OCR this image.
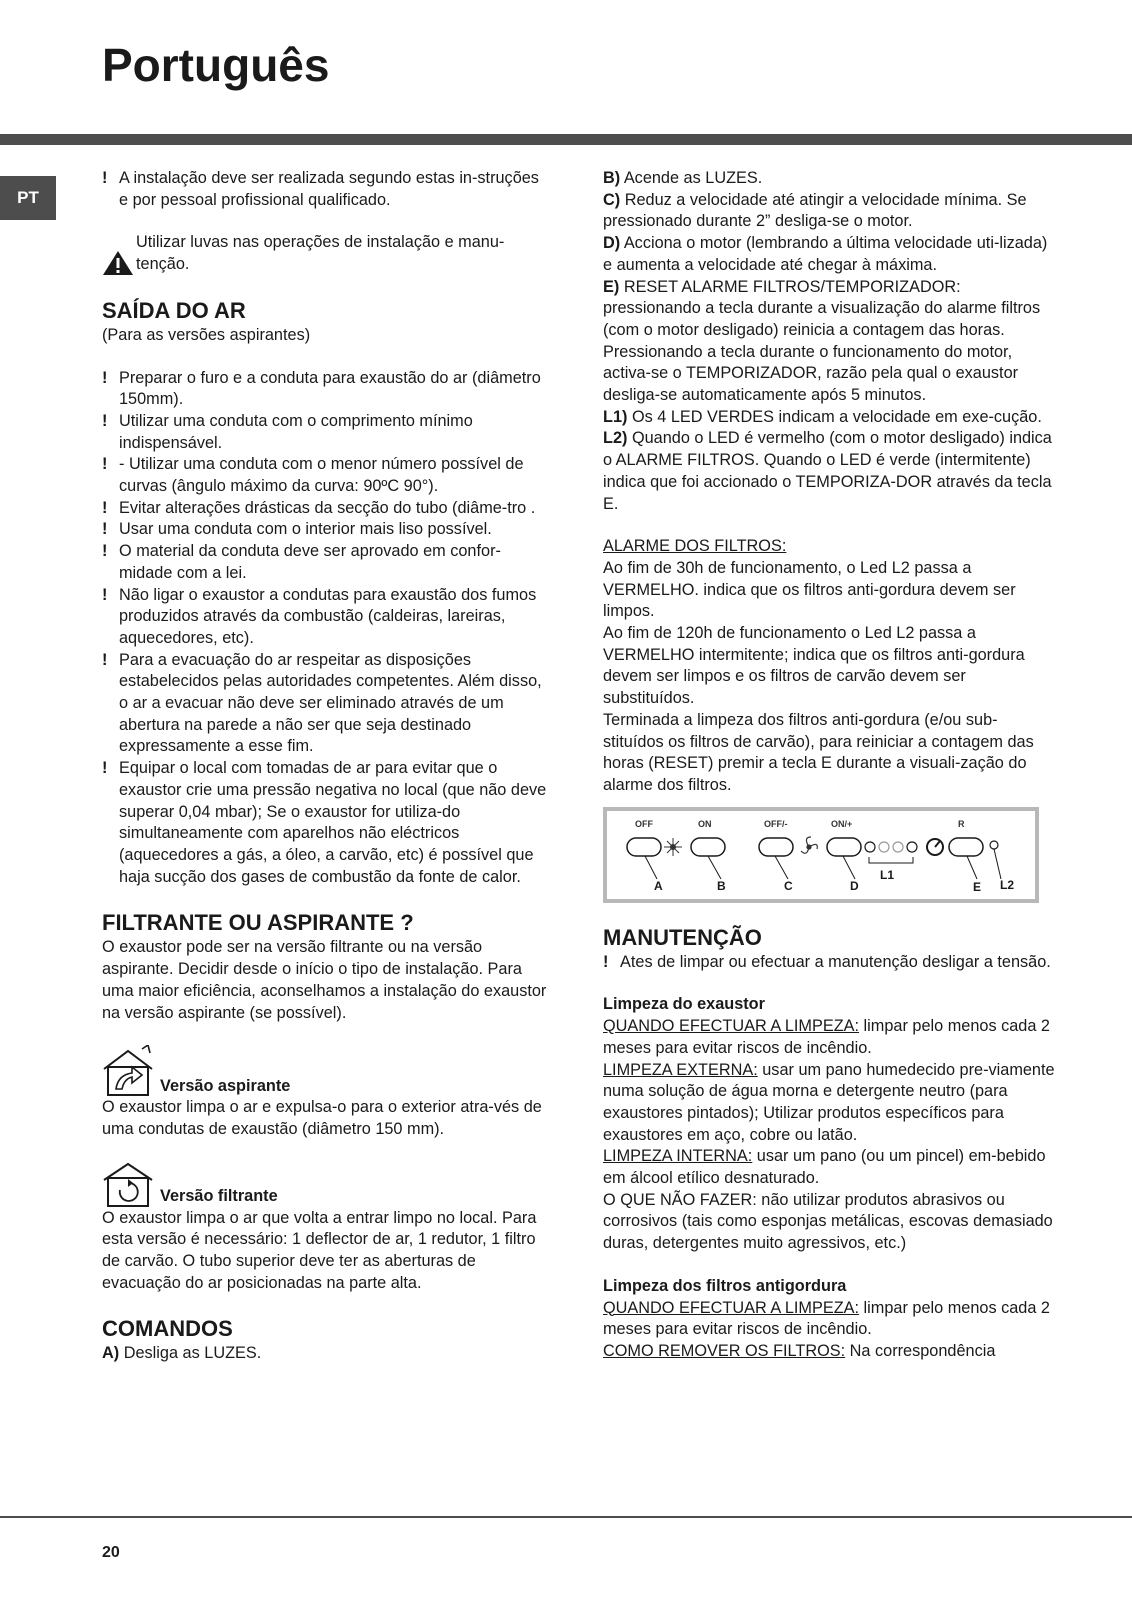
Português
PT
! A instalação deve ser realizada segundo estas in-struções e por pessoal profissional qualificado.

Utilizar luvas nas operações de instalação e manu-tenção.
SAÍDA DO AR

(Para as versões aspirantes)

! Preparar o furo e a conduta para exaustão do ar (diâmetro 150mm).
! Utilizar uma conduta com o comprimento mínimo indispensável.
! - Utilizar uma conduta com o menor número possível de curvas (ângulo máximo da curva: 90ºC 90°).
! Evitar alterações drásticas da secção do tubo (diâme-tro .
! Usar uma conduta com o interior mais liso possível.
! O material da conduta deve ser aprovado em confor-midade com a lei.
! Não ligar o exaustor a condutas para exaustão dos fumos produzidos através da combustão (caldeiras, lareiras, aquecedores, etc).
! Para a evacuação do ar respeitar as disposições estabelecidos pelas autoridades competentes. Além disso, o ar a evacuar não deve ser eliminado através de um abertura na parede a não ser que seja destinado expressamente a esse fim.
! Equipar o local com tomadas de ar para evitar que o exaustor crie uma pressão negativa no local (que não deve superar 0,04 mbar); Se o exaustor for utiliza-do simultaneamente com aparelhos não eléctricos (aquecedores a gás, a óleo, a carvão, etc) é possível que haja sucção dos gases de combustão da fonte de calor.
FILTRANTE OU ASPIRANTE ?

O exaustor pode ser na versão filtrante ou na versão aspirante. Decidir desde o início o tipo de instalação. Para uma maior eficiência, aconselhamos a instalação do exaustor na versão aspirante (se possível).

Versão aspirante

O exaustor limpa o ar e expulsa-o para o exterior atra-vés de uma condutas de exaustão (diâmetro 150 mm).

Versão filtrante

O exaustor limpa o ar que volta a entrar limpo no local. Para esta versão é necessário: 1 deflector de ar, 1 redutor, 1 filtro de carvão. O tubo superior deve ter as aberturas de evacuação do ar posicionadas na parte alta.

COMANDOS

A) Desliga as LUZES.

B) Acende as LUZES.

C) Reduz a velocidade até atingir a velocidade mínima. Se pressionado durante 2” desliga-se o motor.

D) Acciona o motor (lembrando a última velocidade uti-lizada) e aumenta a velocidade até chegar à máxima.

E) RESET ALARME FILTROS/TEMPORIZADOR: pressionando a tecla durante a visualização do alarme filtros (com o motor desligado) reinicia a contagem das horas. Pressionando a tecla durante o funcionamento do motor, activa-se o TEMPORIZADOR, razão pela qual o exaustor desliga-se automaticamente após 5 minutos.

L1) Os 4 LED VERDES indicam a velocidade em exe-cução.

L2) Quando o LED é vermelho (com o motor desligado) indica o ALARME FILTROS. Quando o LED é verde (intermitente) indica que foi accionado o TEMPORIZA-DOR através da tecla E.

ALARME DOS FILTROS:

Ao fim de 30h de funcionamento, o Led L2 passa a VERMELHO. indica que os filtros anti-gordura devem ser limpos.

Ao fim de 120h de funcionamento o Led L2 passa a VERMELHO intermitente; indica que os filtros anti-gordura devem ser limpos e os filtros de carvão devem ser substituídos.

Terminada a limpeza dos filtros anti-gordura (e/ou sub-stituídos os filtros de carvão), para reiniciar a contagem das horas (RESET) premir a tecla E durante a visuali-zação do alarme dos filtros.

OFF	ON	OFF/-	ON/+	R
A	B	C	D
L1
E L2
MANUTENÇÃO
! Ates de limpar ou efectuar a manutenção desligar a tensão.
Limpeza do exaustor

QUANDO EFECTUAR A LIMPEZA: limpar pelo menos cada 2 meses para evitar riscos de incêndio.

LIMPEZA EXTERNA: usar um pano humedecido pre-viamente numa solução de água morna e detergente neutro (para exaustores pintados); Utilizar produtos específicos para exaustores em aço, cobre ou latão.

LIMPEZA INTERNA: usar um pano (ou um pincel) em-bebido em álcool etílico desnaturado.

O QUE NÃO FAZER: não utilizar produtos abrasivos ou corrosivos (tais como esponjas metálicas, escovas demasiado duras, detergentes muito agressivos, etc.)

Limpeza dos filtros antigordura

QUANDO EFECTUAR A LIMPEZA: limpar pelo menos cada 2 meses para evitar riscos de incêndio.

COMO REMOVER OS FILTROS: Na correspondência

20
